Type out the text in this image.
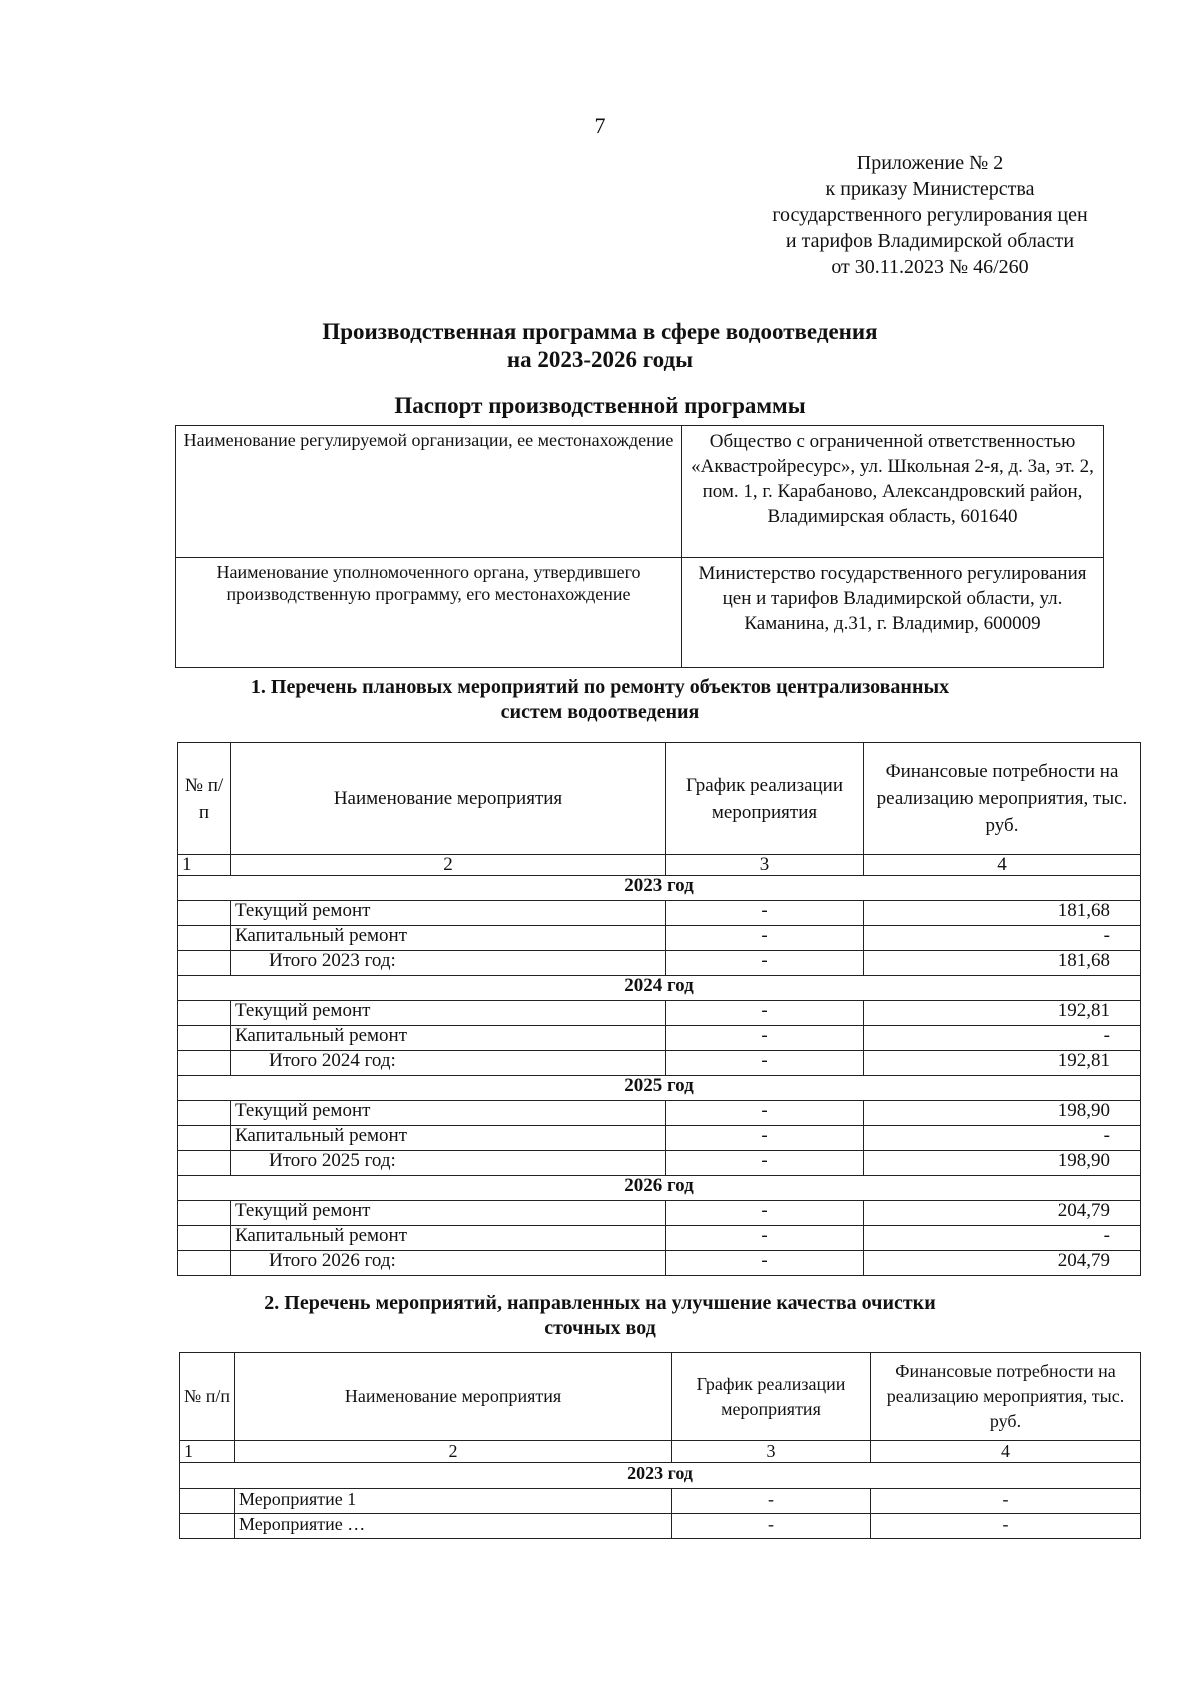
7
Приложение № 2
к приказу Министерства
государственного регулирования цен
и тарифов Владимирской области
от 30.11.2023 № 46/260
Производственная программа в сфере водоотведения
на 2023-2026 годы
Паспорт производственной программы
Наименование регулируемой организации, ее местонахождение	Общество с ограниченной ответственностью «Аквастройресурс», ул. Школьная 2-я, д. 3а, эт. 2, пом. 1, г. Карабаново, Александровский район, Владимирская область, 601640
Наименование уполномоченного органа, утвердившего производственную программу, его местонахождение	Министерство государственного регулирования цен и тарифов Владимирской области, ул. Каманина, д.31, г. Владимир, 600009
1. Перечень плановых мероприятий по ремонту объектов централизованных
систем водоотведения
№ п/п	Наименование мероприятия	График реализации мероприятия	Финансовые потребности на реализацию мероприятия, тыс. руб.
1	2	3	4
2023 год			
	Текущий ремонт	-	181,68
	Капитальный ремонт	-	-
	Итого 2023 год:	-	181,68
2024 год			
	Текущий ремонт	-	192,81
	Капитальный ремонт	-	-
	Итого 2024 год:	-	192,81
2025 год			
	Текущий ремонт	-	198,90
	Капитальный ремонт	-	-
	Итого 2025 год:	-	198,90
2026 год			
	Текущий ремонт	-	204,79
	Капитальный ремонт	-	-
	Итого 2026 год:	-	204,79
2. Перечень мероприятий, направленных на улучшение качества очистки
сточных вод
№ п/п	Наименование мероприятия	График реализации мероприятия	Финансовые потребности на реализацию мероприятия, тыс. руб.
1	2	3	4
2023 год			
	Мероприятие 1	-	-
	Мероприятие …	-	-
